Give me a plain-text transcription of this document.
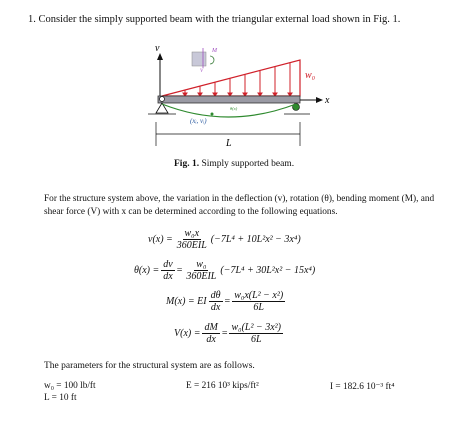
1. Consider the simply supported beam with the triangular external load shown in Fig. 1.
v
w₀
M
V
x
(xᵢ, vᵢ)
θ(x)
L
Fig. 1. Simply supported beam.
For the structure system above, the variation in the deflection (v), rotation (θ), bending moment (M), and shear force (V) with x can be determined according to the following equations.
$v(x) = \frac{\text{w₀x}}{\text{360EIL}} (-7L^4 + 10L^2x^2 - 3x^4)$
$\theta(x) = \frac{dv}{dx} = \frac{\text{w₀}}{\text{360EIL}} (-7L^4 + 30L^2x^2 - 15x^4)$
M(x) = EI $\frac{d\theta}{dx} = \frac{\text{w₀x(L² − x²)}}{6L}$
$V(x) = \frac{dM}{dx} = \frac{\text{w₀(L² − 3x²)}}{6L}$
The parameters for the structural system are as follows.
w₀ = 100 lb/ft	E = 216 10³ kips/ft²	I = 182.6 10⁻³ ft⁴
L = 10 ft
